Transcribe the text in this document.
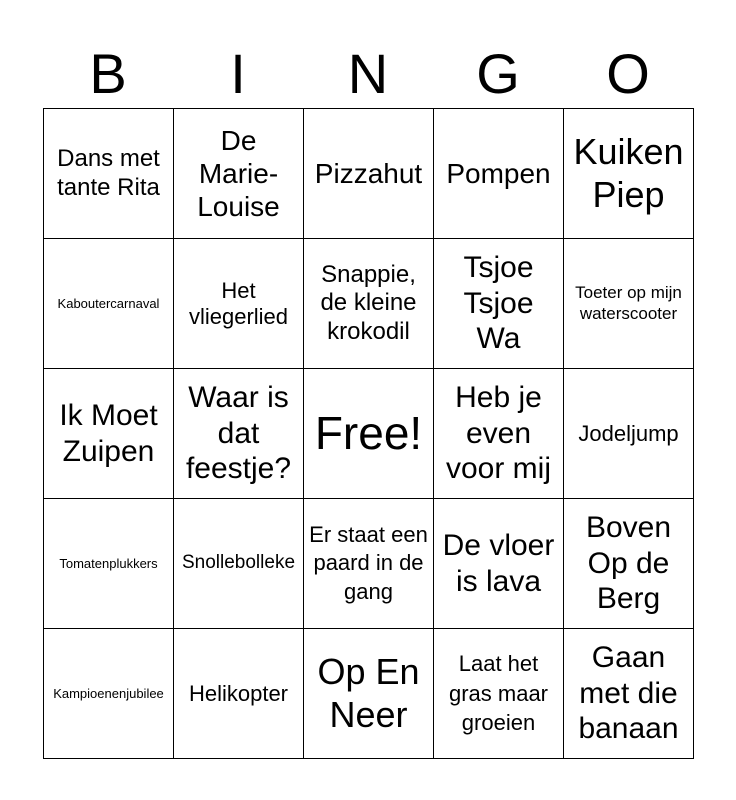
B	I	N	G	O
Dans met tante Rita	De Marie-Louise	Pizzahut	Pompen	Kuiken Piep
Kaboutercarnaval	Het vliegerlied	Snappie, de kleine krokodil	Tsjoe Tsjoe Wa	Toeter op mijn waterscooter
Ik Moet Zuipen	Waar is dat feestje?	Free!	Heb je even voor mij	Jodeljump
Tomatenplukkers	Snollebolleke	Er staat een paard in de gang	De vloer is lava	Boven Op de Berg
Kampioenenjubilee	Helikopter	Op En Neer	Laat het gras maar groeien	Gaan met die banaan
